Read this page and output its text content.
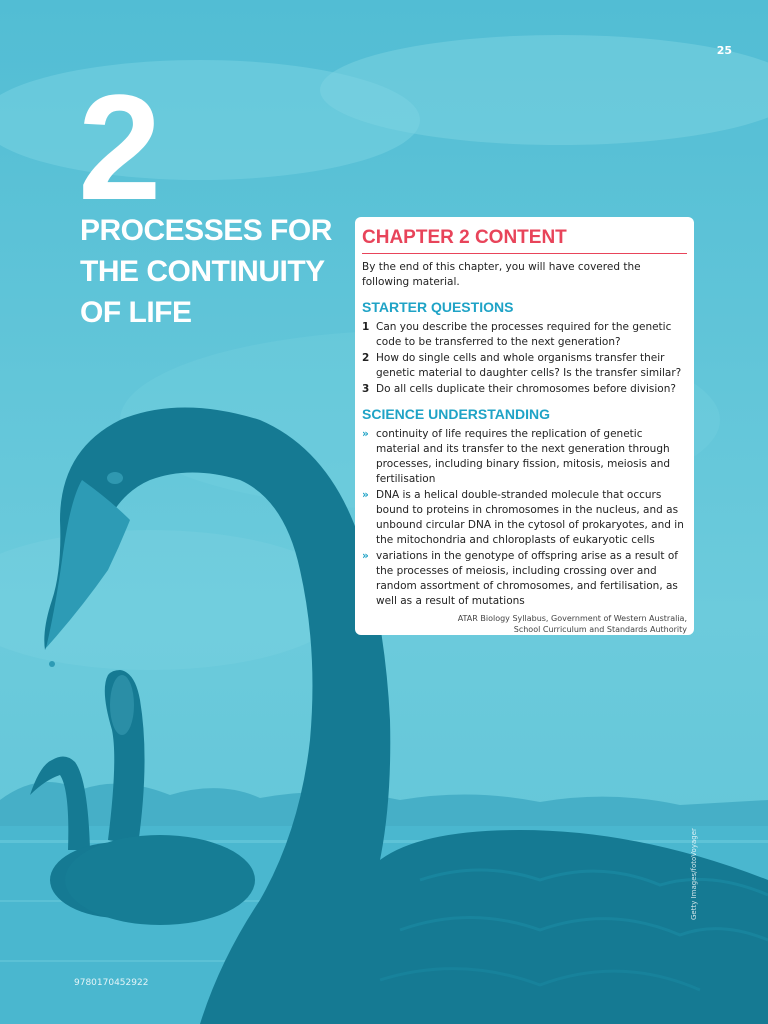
25
2
PROCESSES FOR
THE CONTINUITY
OF LIFE
CHAPTER 2 CONTENT

By the end of this chapter, you will have covered the following material.

STARTER QUESTIONS
1 Can you describe the processes required for the genetic code to be transferred to the next generation?
2 How do single cells and whole organisms transfer their genetic material to daughter cells? Is the transfer similar?
3 Do all cells duplicate their chromosomes before division?
SCIENCE UNDERSTANDING
» continuity of life requires the replication of genetic material and its transfer to the next generation through processes, including binary fission, mitosis, meiosis and fertilisation
» DNA is a helical double-stranded molecule that occurs bound to proteins in chromosomes in the nucleus, and as unbound circular DNA in the cytosol of prokaryotes, and in the mitochondria and chloroplasts of eukaryotic cells
» variations in the genotype of offspring arise as a result of the processes of meiosis, including crossing over and random assortment of chromosomes, and fertilisation, as well as a result of mutations
ATAR Biology Syllabus, Government of Western Australia,
School Curriculum and Standards Authority
9780170452922
Getty Images/fotoVoyager
